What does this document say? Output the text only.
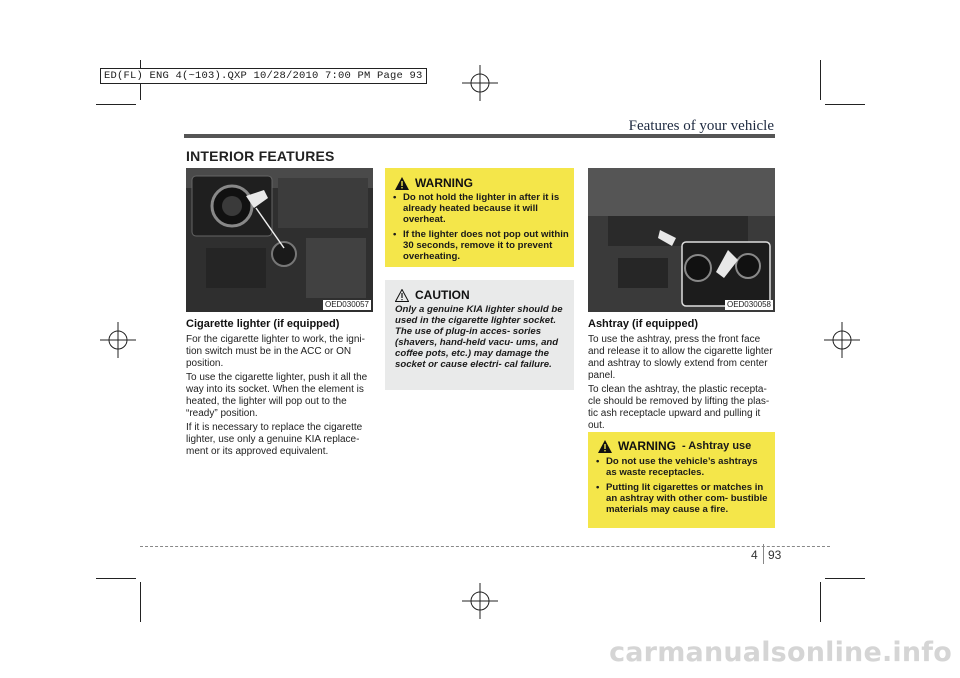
ED(FL) ENG 4(~103).QXP 10/28/2010 7:00 PM Page 93
Features of your vehicle
INTERIOR FEATURES
OED030057
Cigarette lighter (if equipped)

For the cigarette lighter to work, the igni- tion switch must be in the ACC or ON position.

To use the cigarette lighter, push it all the way into its socket. When the element is heated, the lighter will pop out to the “ready” position.

If it is necessary to replace the cigarette lighter, use only a genuine KIA replace- ment or its approved equivalent.

WARNING
• Do not hold the lighter in after it is already heated because it will overheat.
• If the lighter does not pop out within 30 seconds, remove it to prevent overheating.
CAUTION
Only a genuine KIA lighter should be used in the cigarette lighter socket. The use of plug-in acces- sories (shavers, hand-held vacu- ums, and coffee pots, etc.) may damage the socket or cause electri- cal failure.
OED030058
Ashtray (if equipped)

To use the ashtray, press the front face and release it to allow the cigarette lighter and ashtray to slowly extend from center panel.

To clean the ashtray, the plastic recepta- cle should be removed by lifting the plas- tic ash receptacle upward and pulling it out.

WARNING - Ashtray use
• Do not use the vehicle’s ashtrays as waste receptacles.
• Putting lit cigarettes or matches in an ashtray with other com- bustible materials may cause a fire.
4 93
carmanualsonline.info
